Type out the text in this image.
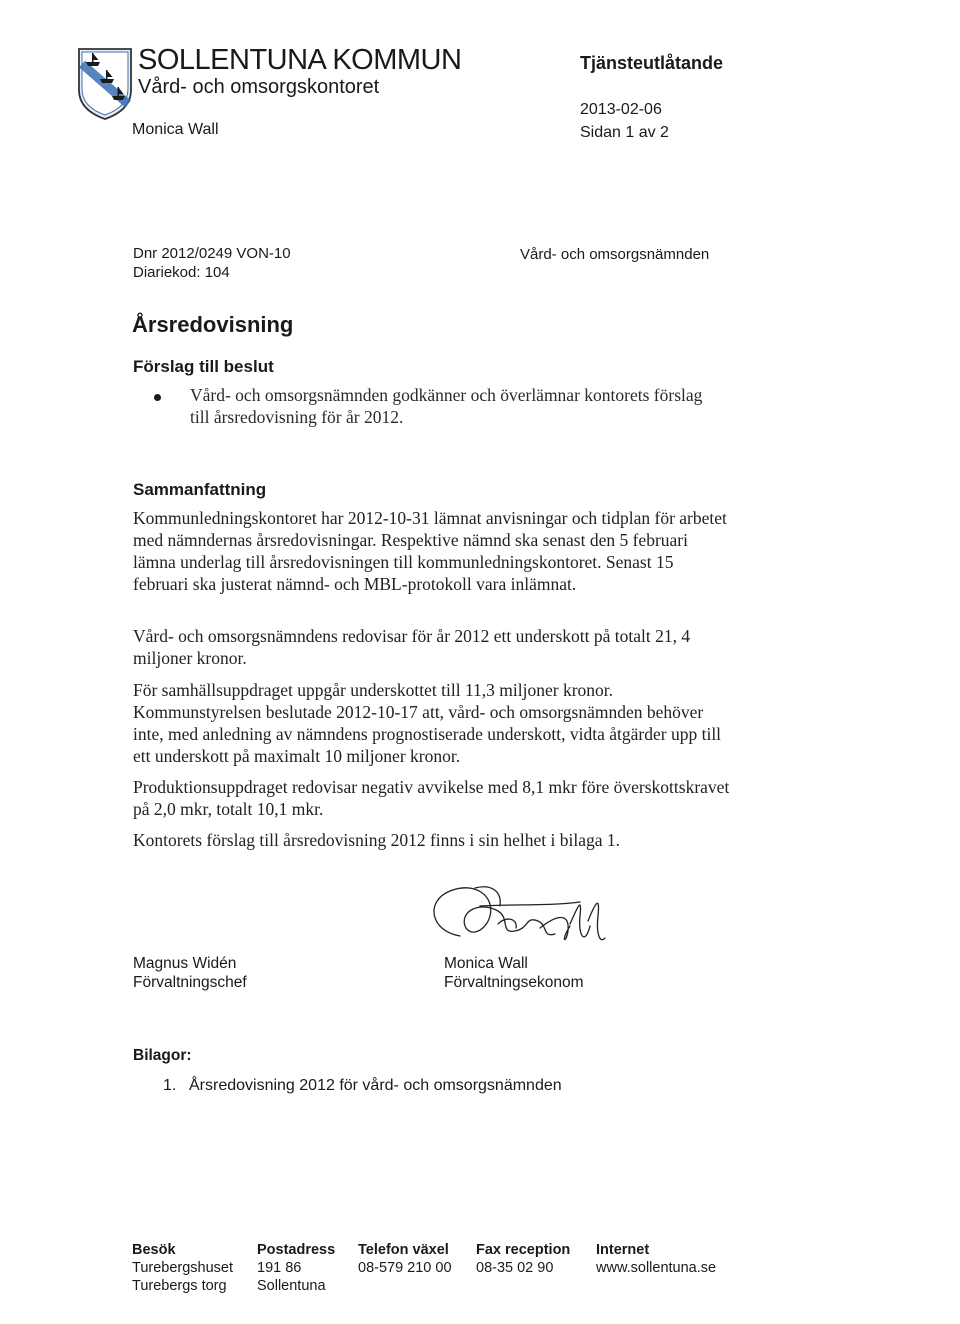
SOLLENTUNA KOMMUN
Vård- och omsorgskontoret
Monica Wall
Tjänsteutlåtande
2013-02-06
Sidan 1 av 2
Dnr 2012/0249 VON-10
Diariekod: 104
Vård- och omsorgsnämnden
Årsredovisning
Förslag till beslut
Vård- och omsorgsnämnden godkänner och överlämnar kontorets förslag till årsredovisning för år 2012.
Sammanfattning
Kommunledningskontoret har 2012-10-31 lämnat anvisningar och tidplan för arbetet med nämndernas årsredovisningar. Respektive nämnd ska senast den 5 februari lämna underlag till årsredovisningen till kommunledningskontoret. Senast 15 februari ska justerat nämnd- och MBL-protokoll vara inlämnat.
Vård- och omsorgsnämndens redovisar för år 2012 ett underskott på totalt 21, 4 miljoner kronor.
För samhällsuppdraget uppgår underskottet till 11,3 miljoner kronor. Kommunstyrelsen beslutade 2012-10-17 att, vård- och omsorgsnämnden behöver inte, med anledning av nämndens prognostiserade underskott, vidta åtgärder upp till ett underskott på maximalt 10 miljoner kronor.
Produktionsuppdraget redovisar negativ avvikelse med 8,1 mkr före överskottskravet på 2,0 mkr, totalt 10,1 mkr.
Kontorets förslag till årsredovisning 2012 finns i sin helhet i bilaga 1.
Magnus Widén
Förvaltningschef
Monica Wall
Förvaltningsekonom
Bilagor:
1. Årsredovisning 2012 för vård- och omsorgsnämnden
Besök
Turebergshuset
Turebergs torg
Postadress
191 86
Sollentuna
Telefon växel
08-579 210 00
Fax reception
08-35 02 90
Internet
www.sollentuna.se
